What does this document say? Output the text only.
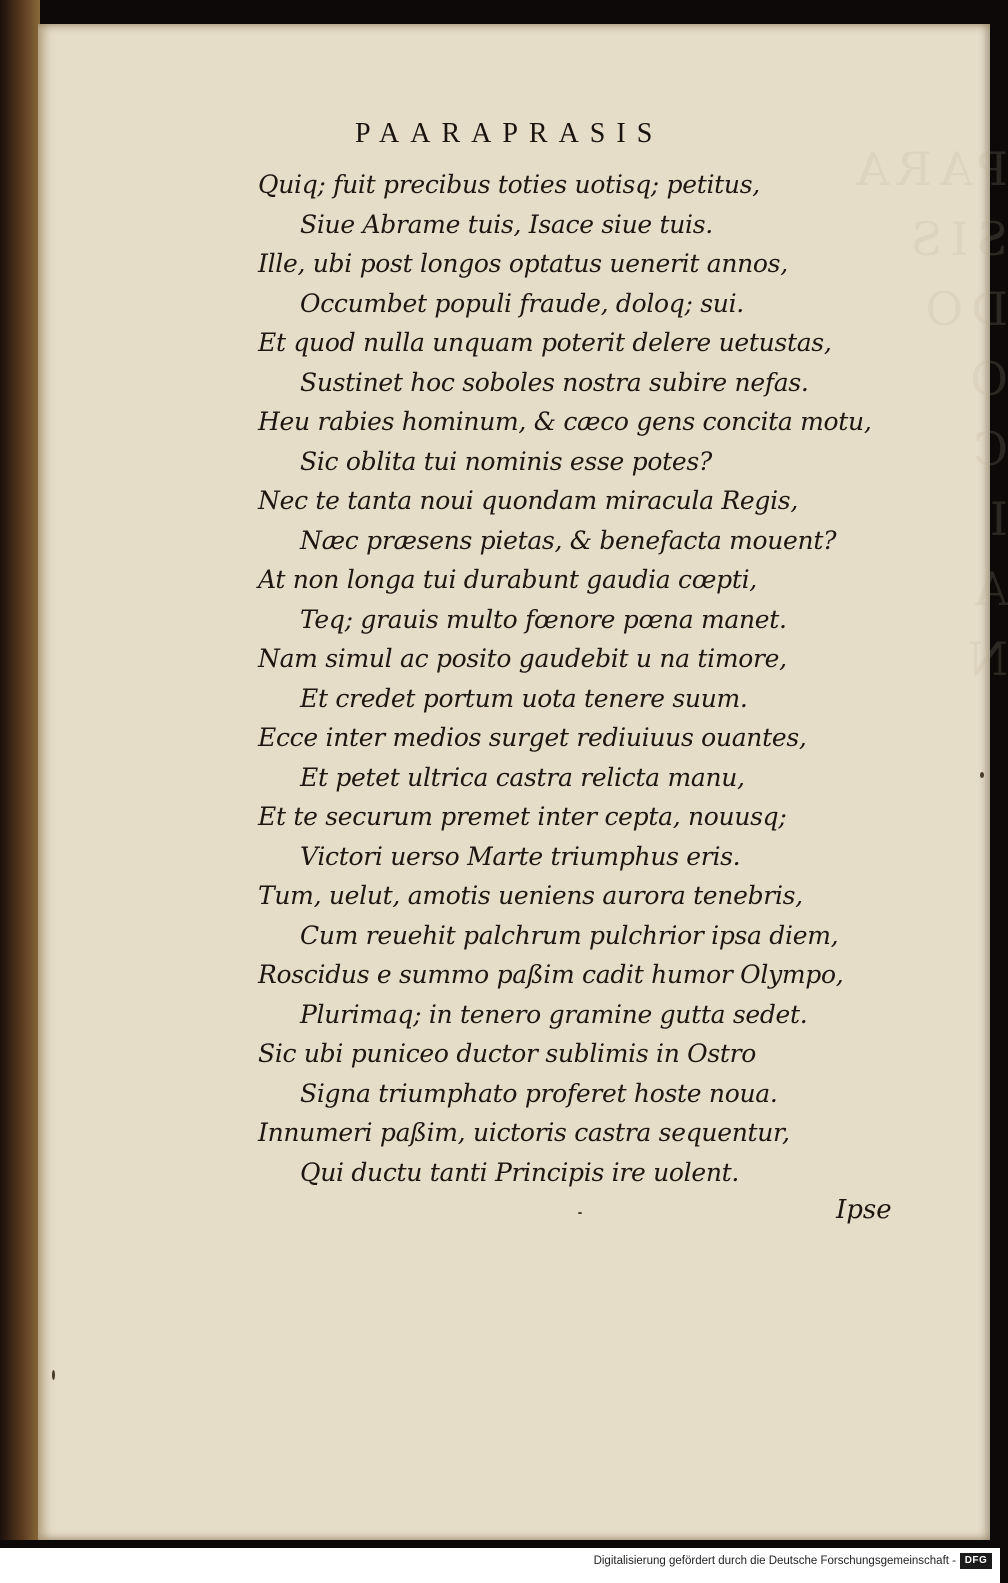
PARA
SIS
DO
O
C
I
A
N
PAARAPRASIS
Quiq; fuit precibus toties uotisq; petitus,
Siue Abrame tuis, Isace siue tuis.
Ille, ubi post longos optatus uenerit annos,
Occumbet populi fraude, doloq; sui.
Et quod nulla unquam poterit delere uetustas,
Sustinet hoc soboles nostra subire nefas.
Heu rabies hominum, & cæco gens concita motu,
Sic oblita tui nominis esse potes?
Nec te tanta noui quondam miracula Regis,
Næc præsens pietas, & benefacta mouent?
At non longa tui durabunt gaudia cœpti,
Teq; grauis multo fœnore pœna manet.
Nam simul ac posito gaudebit u na timore,
Et credet portum uota tenere suum.
Ecce inter medios surget rediuiuus ouantes,
Et petet ultrica castra relicta manu,
Et te securum premet inter cepta, nouusq;
Victori uerso Marte triumphus eris.
Tum, uelut, amotis ueniens aurora tenebris,
Cum reuehit palchrum pulchrior ipsa diem,
Roscidus e summo paßim cadit humor Olympo,
Plurimaq; in tenero gramine gutta sedet.
Sic ubi puniceo ductor sublimis in Ostro
Signa triumphato proferet hoste noua.
Innumeri paßim, uictoris castra sequentur,
Qui ductu tanti Principis ire uolent.
Ipse
Digitalisierung gefördert durch die Deutsche Forschungsgemeinschaft - DFG
